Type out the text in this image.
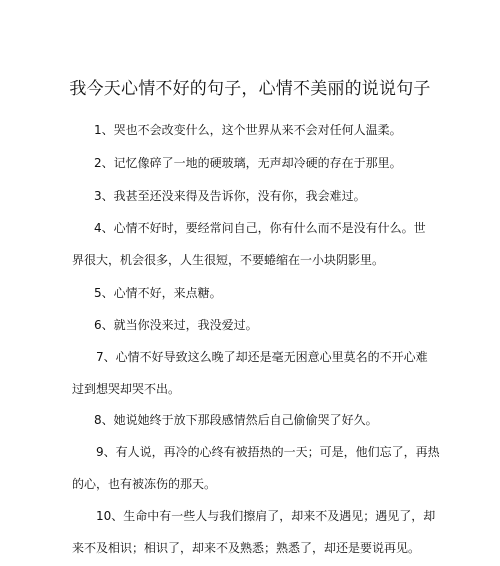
我今天心情不好的句子，心情不美丽的说说句子
1、哭也不会改变什么，这个世界从来不会对任何人温柔。
2、记忆像碎了一地的硬玻璃，无声却冷硬的存在于那里。
3、我甚至还没来得及告诉你，没有你，我会难过。
4、心情不好时，要经常问自己，你有什么而不是没有什么。世
界很大，机会很多，人生很短，不要蜷缩在一小块阴影里。
5、心情不好，来点糖。
6、就当你没来过，我没爱过。
7、心情不好导致这么晚了却还是毫无困意心里莫名的不开心难
过到想哭却哭不出。
8、她说她终于放下那段感情然后自己偷偷哭了好久。
9、有人说，再冷的心终有被捂热的一天；可是，他们忘了，再热
的心，也有被冻伤的那天。
10、生命中有一些人与我们擦肩了，却来不及遇见；遇见了，却
来不及相识；相识了，却来不及熟悉；熟悉了，却还是要说再见。
